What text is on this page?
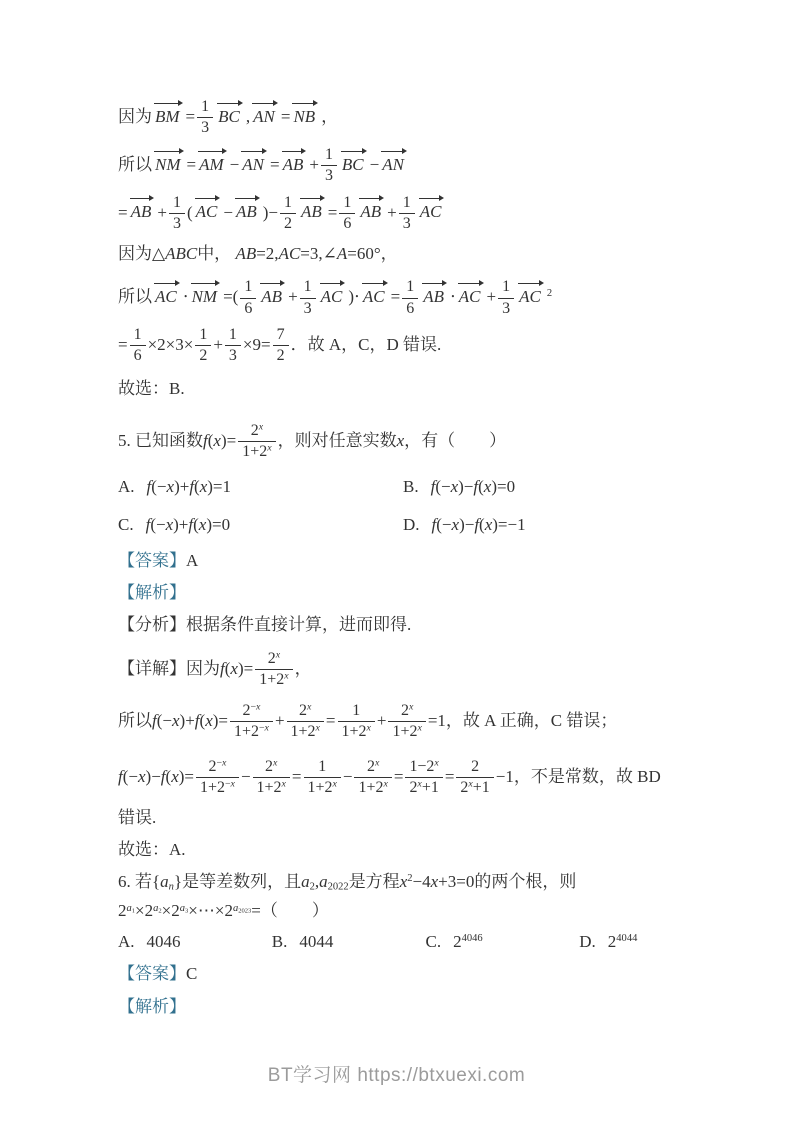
因为 BM = $\frac{1}{3}$ BC , AN = NB ，
所以 NM = AM − AN = AB + $\frac{1}{3}$ BC − AN
= AB + $\frac{1}{3}$ ( AC − AB )− $\frac{1}{2}$ AB = $\frac{1}{6}$ AB + $\frac{1}{3}$ AC
因为△ABC中， AB=2,AC=3,∠A=60°，
所以 AC ⋅ NM =( $\frac{1}{6}$ AB + $\frac{1}{3}$ AC )⋅ AC = $\frac{1}{6}$ AB ⋅ AC + $\frac{1}{3}$ AC $^2$
= $\frac{1}{6} \times 2\times 3\times \frac{1}{2} + \frac{1}{3} \times 9= \frac{7}{2}$ ．故 A，C，D 错误.
故选：B.
5. 已知函数$f(x)= \frac{2^x}{1+2^x}$ ，则对任意实数x，有（　　）
A. f(−x)+f(x)=1	B. f(−x)−f(x)=0
C. f(−x)+f(x)=0	D. f(−x)−f(x)=−1
【答案】A
【解析】
【分析】根据条件直接计算，进而即得.
【详解】因为$f(x)= \frac{2^x}{1+2^x}$ ，
所以$f(-x)+f(x)= \frac{2^{-x}}{1+2^{-x}} + \frac{2^x}{1+2^x} = \frac{1}{1+2^x} + \frac{2^x}{1+2^x} =1$，故 A 正确，C 错误；
$f(-x)-f(x)= \frac{2^{-x}}{1+2^{-x}} - \frac{2^x}{1+2^x} = \frac{1}{1+2^x} - \frac{2^x}{1+2^x} = \frac{1-2^x}{2^x+1} = \frac{2}{2^x+1} -1$，不是常数，故 BD
错误.
故选：A.
6. 若$\{a_n\}$是等差数列，且$a_2,a_{2022}$是方程$x^2-4x+3=0$的两个根，则
$2^{a_1}\times 2^{a_2}\times 2^{a_3}\times\cdots\times 2^{a_{2023}}=$（　　）
A. 4046	B. 4044	C. $2^{4046}$	D. $2^{4044}$
【答案】C
【解析】
BT学习网 https://btxuexi.com
